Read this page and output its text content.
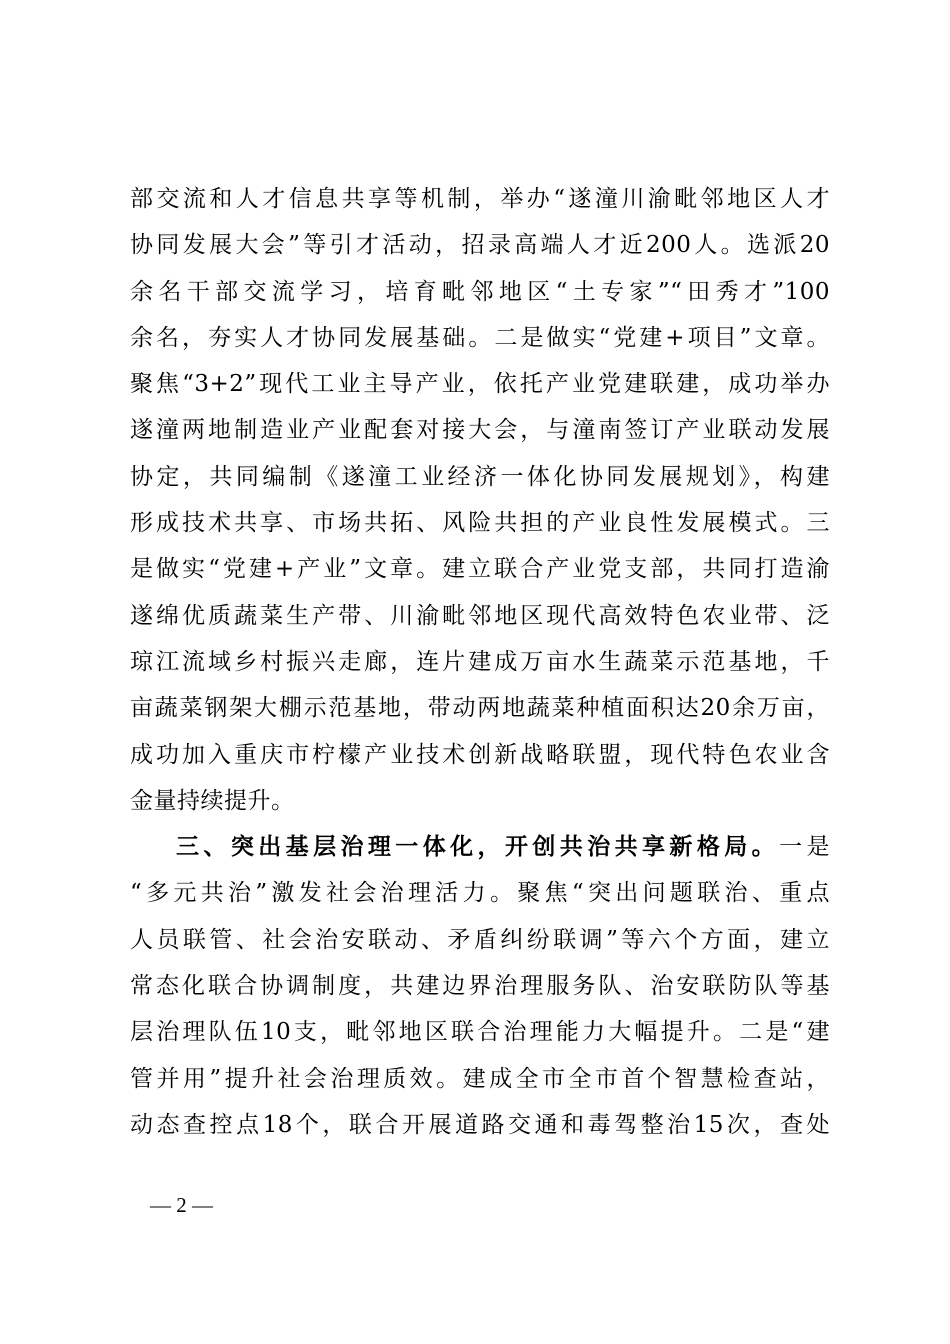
部交流和人才信息共享等机制，举办“遂潼川渝毗邻地区人才
协同发展大会”等引才活动，招录高端人才近200人。选派20
余名干部交流学习，培育毗邻地区“土专家”“田秀才”100
余名，夯实人才协同发展基础。二是做实“党建+项目”文章。
聚焦“3+2”现代工业主导产业，依托产业党建联建，成功举办
遂潼两地制造业产业配套对接大会，与潼南签订产业联动发展
协定，共同编制《遂潼工业经济一体化协同发展规划》，构建
形成技术共享、市场共拓、风险共担的产业良性发展模式。三
是做实“党建+产业”文章。建立联合产业党支部，共同打造渝
遂绵优质蔬菜生产带、川渝毗邻地区现代高效特色农业带、泛
琼江流域乡村振兴走廊，连片建成万亩水生蔬菜示范基地，千
亩蔬菜钢架大棚示范基地，带动两地蔬菜种植面积达20余万亩，
成功加入重庆市柠檬产业技术创新战略联盟，现代特色农业含
金量持续提升。
三、突出基层治理一体化，开创共治共享新格局。一是
“多元共治”激发社会治理活力。聚焦“突出问题联治、重点
人员联管、社会治安联动、矛盾纠纷联调”等六个方面，建立
常态化联合协调制度，共建边界治理服务队、治安联防队等基
层治理队伍10支，毗邻地区联合治理能力大幅提升。二是“建
管并用”提升社会治理质效。建成全市全市首个智慧检查站，
动态查控点18个，联合开展道路交通和毒驾整治15次，查处
— 2 —
